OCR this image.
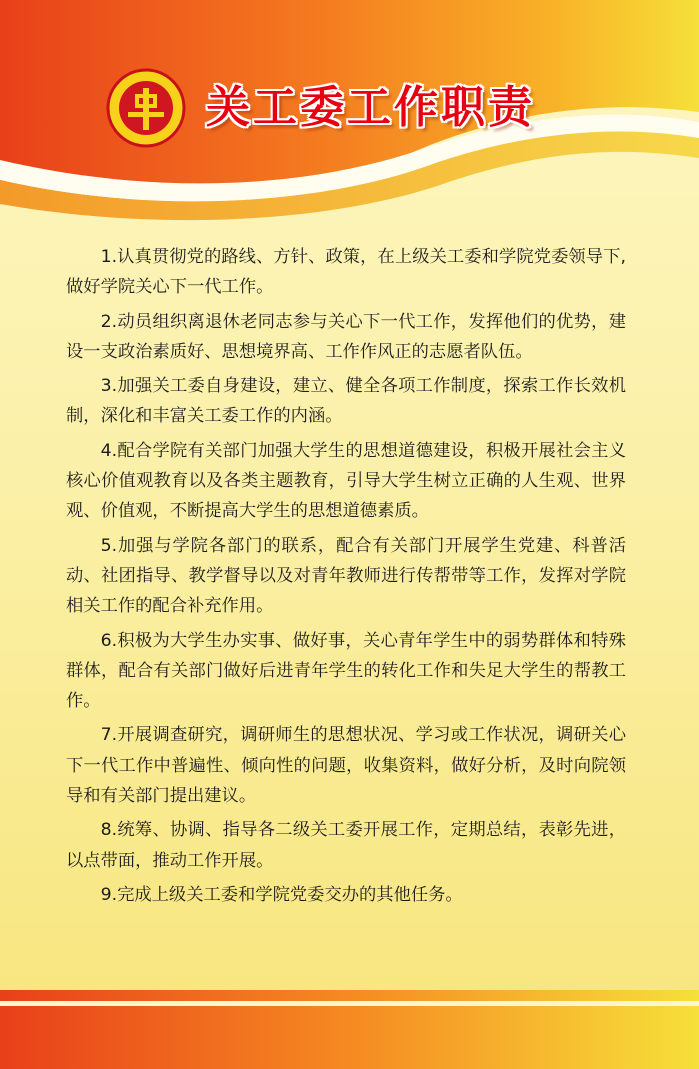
关工委工作职责

1.认真贯彻党的路线、方针、政策，在上级关工委和学院党委领导下,做好学院关心下一代工作。

2.动员组织离退休老同志参与关心下一代工作，发挥他们的优势，建设一支政治素质好、思想境界高、工作作风正的志愿者队伍。

3.加强关工委自身建设，建立、健全各项工作制度，探索工作长效机制，深化和丰富关工委工作的内涵。

4.配合学院有关部门加强大学生的思想道德建设，积极开展社会主义核心价值观教育以及各类主题教育，引导大学生树立正确的人生观、世界观、价值观，不断提高大学生的思想道德素质。

5.加强与学院各部门的联系，配合有关部门开展学生党建、科普活动、社团指导、教学督导以及对青年教师进行传帮带等工作，发挥对学院相关工作的配合补充作用。

6.积极为大学生办实事、做好事，关心青年学生中的弱势群体和特殊群体，配合有关部门做好后进青年学生的转化工作和失足大学生的帮教工作。

7.开展调查研究，调研师生的思想状况、学习或工作状况，调研关心下一代工作中普遍性、倾向性的问题，收集资料，做好分析，及时向院领导和有关部门提出建议。

8.统筹、协调、指导各二级关工委开展工作，定期总结，表彰先进，以点带面，推动工作开展。

9.完成上级关工委和学院党委交办的其他任务。
